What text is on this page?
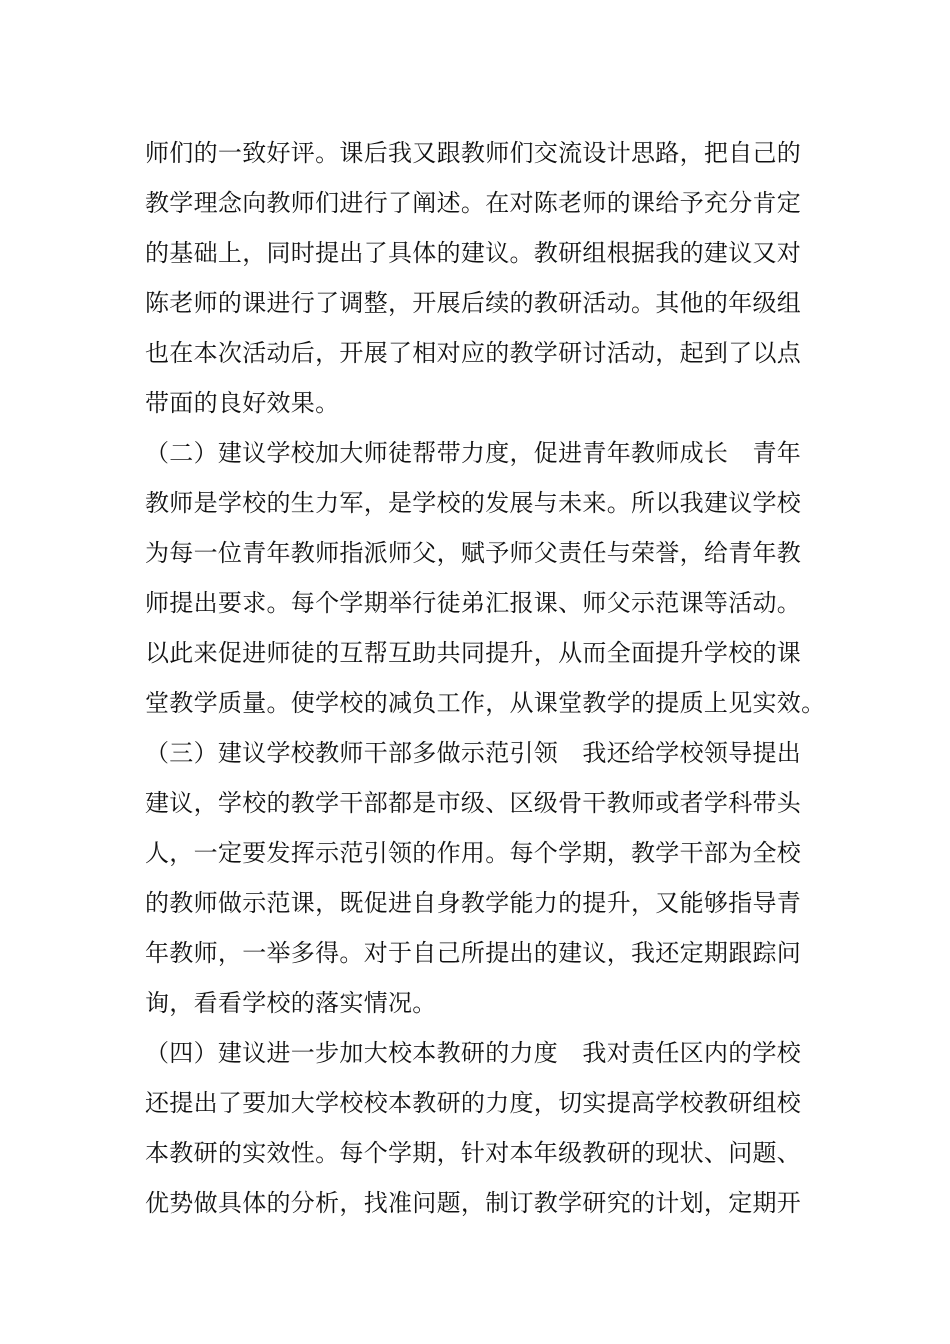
师们的一致好评。课后我又跟教师们交流设计思路，把自己的
教学理念向教师们进行了阐述。在对陈老师的课给予充分肯定
的基础上，同时提出了具体的建议。教研组根据我的建议又对
陈老师的课进行了调整，开展后续的教研活动。其他的年级组
也在本次活动后，开展了相对应的教学研讨活动，起到了以点
带面的良好效果。
（二）建议学校加大师徒帮带力度，促进青年教师成长　青年
教师是学校的生力军，是学校的发展与未来。所以我建议学校
为每一位青年教师指派师父，赋予师父责任与荣誉，给青年教
师提出要求。每个学期举行徒弟汇报课、师父示范课等活动。
以此来促进师徒的互帮互助共同提升，从而全面提升学校的课
堂教学质量。使学校的减负工作，从课堂教学的提质上见实效。
（三）建议学校教师干部多做示范引领　我还给学校领导提出
建议，学校的教学干部都是市级、区级骨干教师或者学科带头
人，一定要发挥示范引领的作用。每个学期，教学干部为全校
的教师做示范课，既促进自身教学能力的提升，又能够指导青
年教师，一举多得。对于自己所提出的建议，我还定期跟踪问
询，看看学校的落实情况。
（四）建议进一步加大校本教研的力度　我对责任区内的学校
还提出了要加大学校校本教研的力度，切实提高学校教研组校
本教研的实效性。每个学期，针对本年级教研的现状、问题、
优势做具体的分析，找准问题，制订教学研究的计划，定期开
